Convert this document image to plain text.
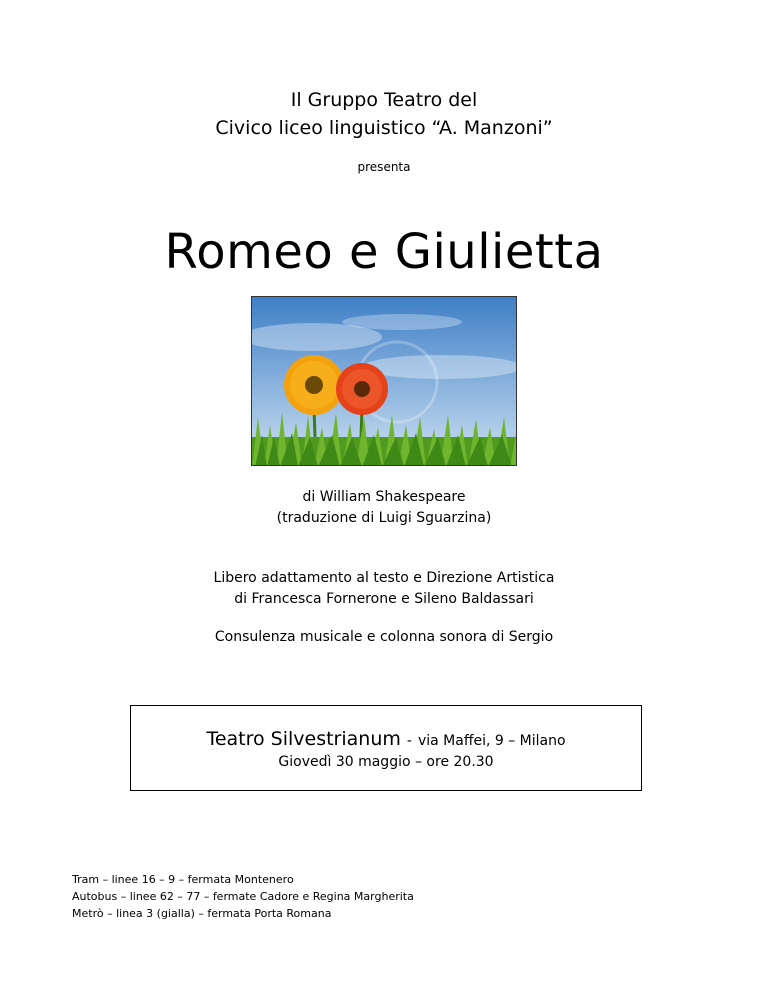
Il Gruppo Teatro del
Civico liceo linguistico “A. Manzoni”
presenta
Romeo e Giulietta
di William Shakespeare
(traduzione di Luigi Sguarzina)
Libero adattamento al testo e Direzione Artistica
di Francesca Fornerone e Sileno Baldassari
Consulenza musicale e colonna sonora di Sergio
Teatro Silvestrianum - via Maffei, 9 – Milano
Giovedì 30 maggio – ore 20.30
Tram – linee 16 – 9 – fermata Montenero
Autobus – linee 62 – 77 – fermate Cadore e Regina Margherita
Metrò – linea 3 (gialla) – fermata Porta Romana
